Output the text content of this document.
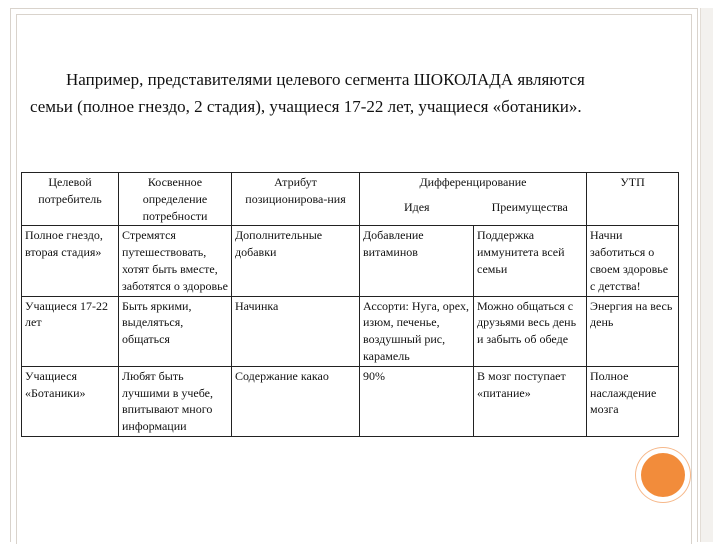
Например, представителями целевого сегмента ШОКОЛАДА являются
семьи (полное гнездо, 2 стадия), учащиеся 17-22 лет, учащиеся «ботаники».
Целевой потребитель	Косвенное определение потребности	Атрибут позиционирова-ния	Дифференцирование		УТП
			Идея	Преимущества	
Полное гнездо, вторая стадия»	Стремятся путешествовать, хотят быть вместе, заботятся о здоровье	Дополнительные добавки	Добавление витаминов	Поддержка иммунитета всей семьи	Начни заботиться о своем здоровье с детства!
Учащиеся 17-22 лет	Быть яркими, выделяться, общаться	Начинка	Ассорти: Нуга, орех, изюм, печенье, воздушный рис, карамель	Можно общаться с друзьями весь день и забыть об обеде	Энергия на весь день
Учащиеся «Ботаники»	Любят быть лучшими в учебе, впитывают много информации	Содержание какао	90%	В мозг поступает «питание»	Полное наслаждение мозга
